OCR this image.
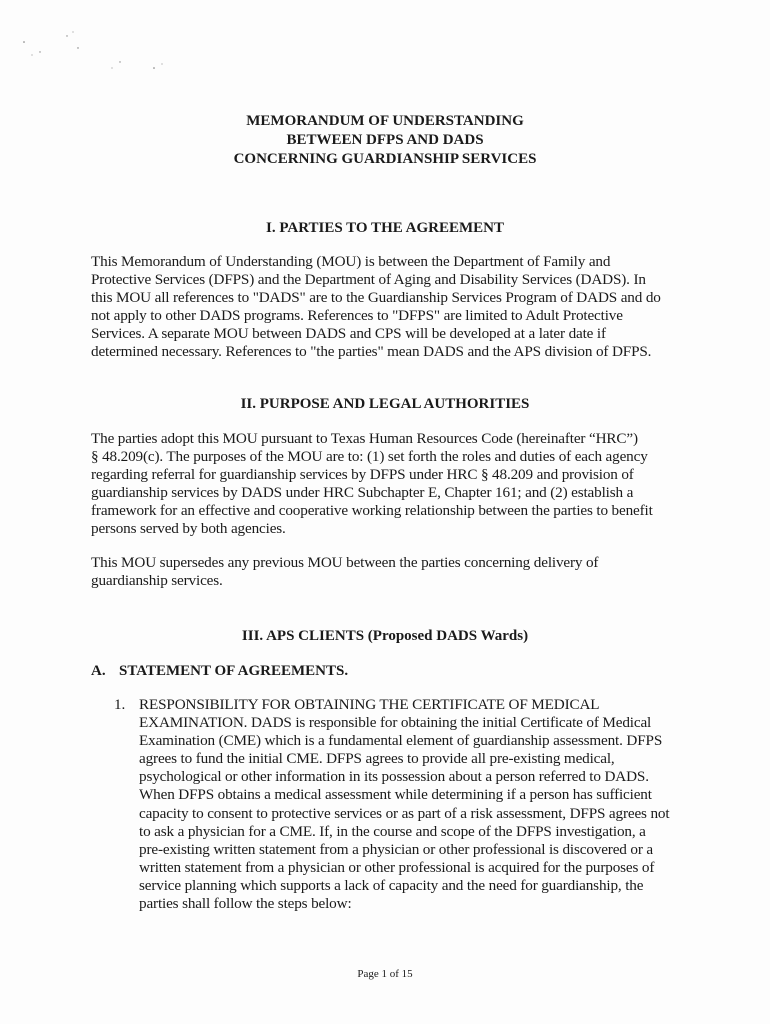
MEMORANDUM OF UNDERSTANDING
BETWEEN DFPS AND DADS
CONCERNING GUARDIANSHIP SERVICES
I. PARTIES TO THE AGREEMENT
This Memorandum of Understanding (MOU) is between the Department of Family and
Protective Services (DFPS) and the Department of Aging and Disability Services (DADS). In
this MOU all references to "DADS" are to the Guardianship Services Program of DADS and do
not apply to other DADS programs. References to "DFPS" are limited to Adult Protective
Services. A separate MOU between DADS and CPS will be developed at a later date if
determined necessary. References to "the parties" mean DADS and the APS division of DFPS.
II. PURPOSE AND LEGAL AUTHORITIES
The parties adopt this MOU pursuant to Texas Human Resources Code (hereinafter “HRC”)
§ 48.209(c). The purposes of the MOU are to: (1) set forth the roles and duties of each agency
regarding referral for guardianship services by DFPS under HRC § 48.209 and provision of
guardianship services by DADS under HRC Subchapter E, Chapter 161; and (2) establish a
framework for an effective and cooperative working relationship between the parties to benefit
persons served by both agencies.
This MOU supersedes any previous MOU between the parties concerning delivery of
guardianship services.
III. APS CLIENTS (Proposed DADS Wards)
A. STATEMENT OF AGREEMENTS.
1. RESPONSIBILITY FOR OBTAINING THE CERTIFICATE OF MEDICAL
EXAMINATION. DADS is responsible for obtaining the initial Certificate of Medical
Examination (CME) which is a fundamental element of guardianship assessment. DFPS
agrees to fund the initial CME. DFPS agrees to provide all pre-existing medical,
psychological or other information in its possession about a person referred to DADS.
When DFPS obtains a medical assessment while determining if a person has sufficient
capacity to consent to protective services or as part of a risk assessment, DFPS agrees not
to ask a physician for a CME. If, in the course and scope of the DFPS investigation, a
pre-existing written statement from a physician or other professional is discovered or a
written statement from a physician or other professional is acquired for the purposes of
service planning which supports a lack of capacity and the need for guardianship, the
parties shall follow the steps below:
Page 1 of 15
